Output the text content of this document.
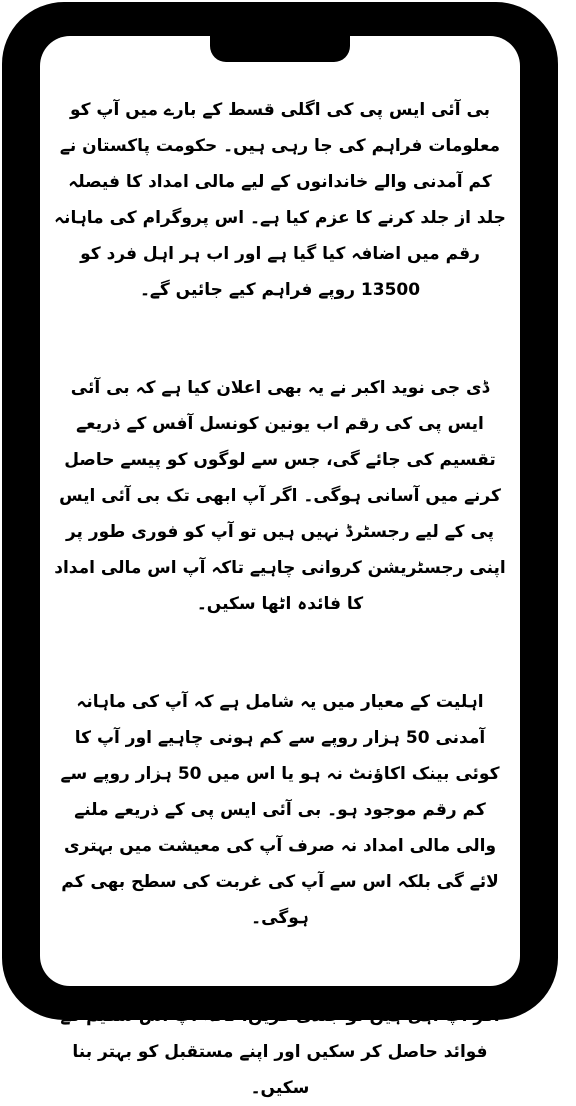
بی آئی ایس پی کی اگلی قسط کے بارے میں آپ کو معلومات فراہم کی جا رہی ہیں۔ حکومت پاکستان نے کم آمدنی والے خاندانوں کے لیے مالی امداد کا فیصلہ جلد از جلد کرنے کا عزم کیا ہے۔ اس پروگرام کی ماہانہ رقم میں اضافہ کیا گیا ہے اور اب ہر اہل فرد کو 13500 روپے فراہم کیے جائیں گے۔

ڈی جی نوید اکبر نے یہ بھی اعلان کیا ہے کہ بی آئی ایس پی کی رقم اب یونین کونسل آفس کے ذریعے تقسیم کی جائے گی، جس سے لوگوں کو پیسے حاصل کرنے میں آسانی ہوگی۔ اگر آپ ابھی تک بی آئی ایس پی کے لیے رجسٹرڈ نہیں ہیں تو آپ کو فوری طور پر اپنی رجسٹریشن کروانی چاہیے تاکہ آپ اس مالی امداد کا فائدہ اٹھا سکیں۔

اہلیت کے معیار میں یہ شامل ہے کہ آپ کی ماہانہ آمدنی 50 ہزار روپے سے کم ہونی چاہیے اور آپ کا کوئی بینک اکاؤنٹ نہ ہو یا اس میں 50 ہزار روپے سے کم رقم موجود ہو۔ بی آئی ایس پی کے ذریعے ملنے والی مالی امداد نہ صرف آپ کی معیشت میں بہتری لائے گی بلکہ اس سے آپ کی غربت کی سطح بھی کم ہوگی۔

اگر آپ اہل ہیں تو جلدی کریں، تاکہ آپ اس سکیم کے فوائد حاصل کر سکیں اور اپنے مستقبل کو بہتر بنا سکیں۔
